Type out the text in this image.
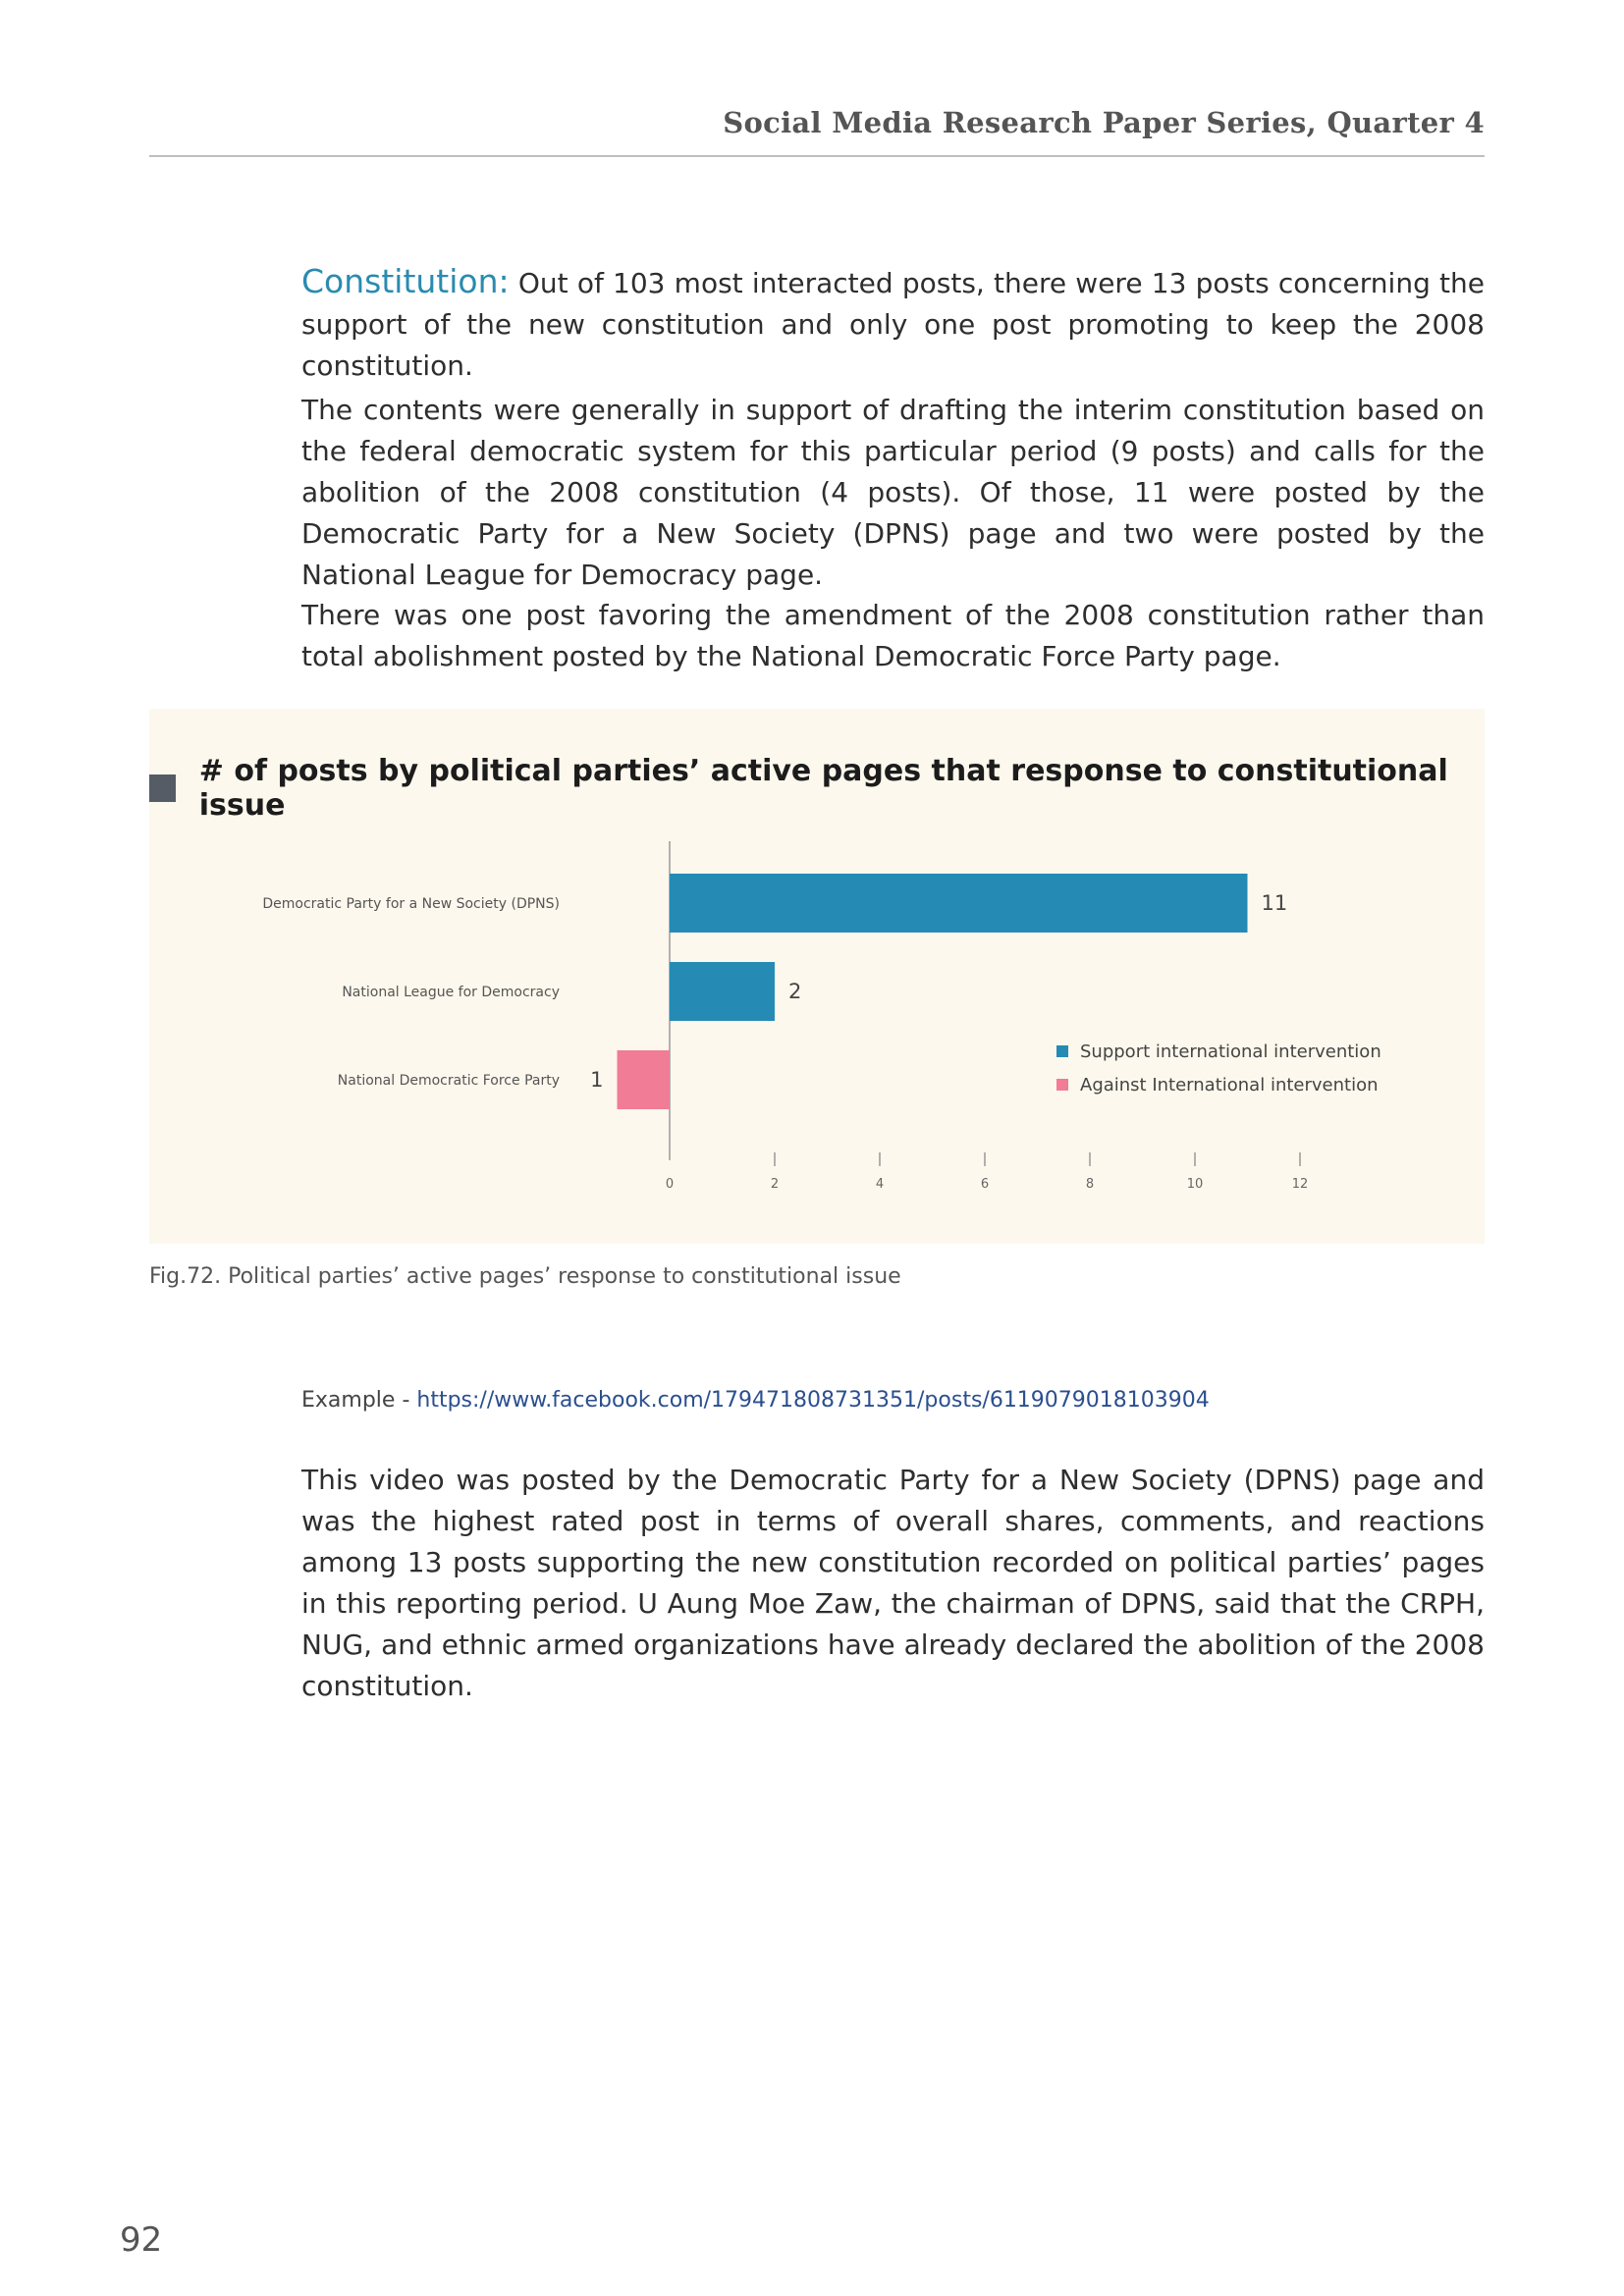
Social Media Research Paper Series, Quarter 4

Constitution: Out of 103 most interacted posts, there were 13 posts concerning the support of the new constitution and only one post promoting to keep the 2008 constitution.

The contents were generally in support of drafting the interim constitution based on the federal democratic system for this particular period (9 posts) and calls for the abolition of the 2008 constitution (4 posts). Of those, 11 were posted by the Democratic Party for a New Society (DPNS) page and two were posted by the National League for Democracy page.

There was one post favoring the amendment of the 2008 constitution rather than total abolishment posted by the National Democratic Force Party page.

# of posts by political parties’ active pages that response to constitutional issue
0	2	4	6	8	10	12
Democratic Party for a New Society (DPNS)	11
National League for Democracy	2
National Democratic Force Party 1
Support international intervention
Against International intervention
Fig.72. Political parties’ active pages’ response to constitutional issue
Example - https://www.facebook.com/179471808731351/posts/6119079018103904

This video was posted by the Democratic Party for a New Society (DPNS) page and was the highest rated post in terms of overall shares, comments, and reactions among 13 posts supporting the new constitution recorded on political parties’ pages in this reporting period. U Aung Moe Zaw, the chairman of DPNS, said that the CRPH, NUG, and ethnic armed organizations have already declared the abolition of the 2008 constitution.

92
